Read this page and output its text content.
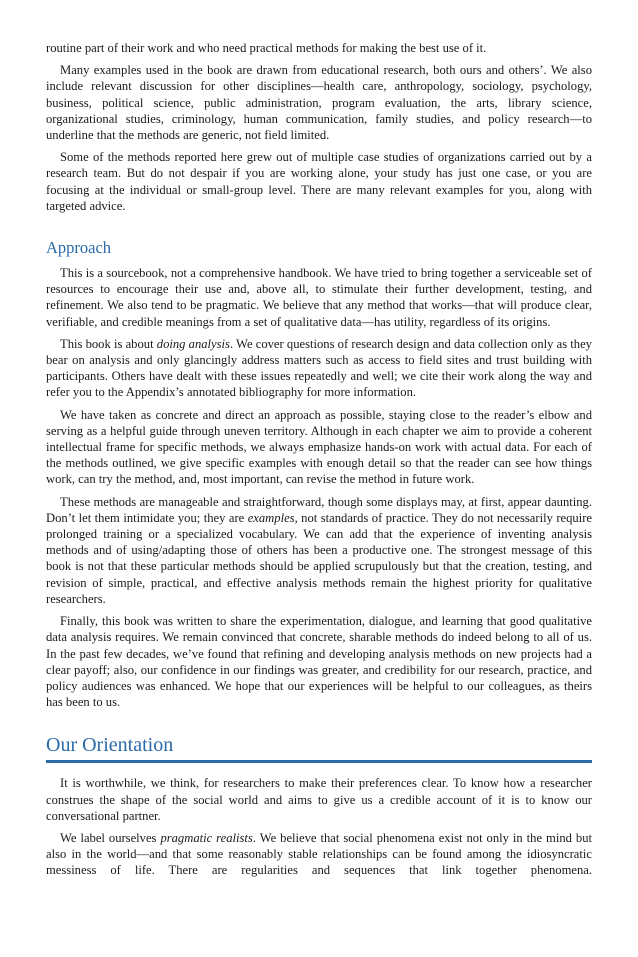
routine part of their work and who need practical methods for making the best use of it.

Many examples used in the book are drawn from educational research, both ours and others’. We also include relevant discussion for other disciplines—health care, anthropology, sociology, psychology, business, political science, public administration, program evaluation, the arts, library science, organizational studies, criminology, human communication, family studies, and policy research—to underline that the methods are generic, not field limited.

Some of the methods reported here grew out of multiple case studies of organizations carried out by a research team. But do not despair if you are working alone, your study has just one case, or you are focusing at the individual or small-group level. There are many relevant examples for you, along with targeted advice.

Approach

This is a sourcebook, not a comprehensive handbook. We have tried to bring together a serviceable set of resources to encourage their use and, above all, to stimulate their further development, testing, and refinement. We also tend to be pragmatic. We believe that any method that works—that will produce clear, verifiable, and credible meanings from a set of qualitative data—has utility, regardless of its origins.

This book is about doing analysis. We cover questions of research design and data collection only as they bear on analysis and only glancingly address matters such as access to field sites and trust building with participants. Others have dealt with these issues repeatedly and well; we cite their work along the way and refer you to the Appendix’s annotated bibliography for more information.

We have taken as concrete and direct an approach as possible, staying close to the reader’s elbow and serving as a helpful guide through uneven territory. Although in each chapter we aim to provide a coherent intellectual frame for specific methods, we always emphasize hands-on work with actual data. For each of the methods outlined, we give specific examples with enough detail so that the reader can see how things work, can try the method, and, most important, can revise the method in future work.

These methods are manageable and straightforward, though some displays may, at first, appear daunting. Don’t let them intimidate you; they are examples, not standards of practice. They do not necessarily require prolonged training or a specialized vocabulary. We can add that the experience of inventing analysis methods and of using/adapting those of others has been a productive one. The strongest message of this book is not that these particular methods should be applied scrupulously but that the creation, testing, and revision of simple, practical, and effective analysis methods remain the highest priority for qualitative researchers.

Finally, this book was written to share the experimentation, dialogue, and learning that good qualitative data analysis requires. We remain convinced that concrete, sharable methods do indeed belong to all of us. In the past few decades, we’ve found that refining and developing analysis methods on new projects had a clear payoff; also, our confidence in our findings was greater, and credibility for our research, practice, and policy audiences was enhanced. We hope that our experiences will be helpful to our colleagues, as theirs has been to us.

Our Orientation

It is worthwhile, we think, for researchers to make their preferences clear. To know how a researcher construes the shape of the social world and aims to give us a credible account of it is to know our conversational partner.

We label ourselves pragmatic realists. We believe that social phenomena exist not only in the mind but also in the world—and that some reasonably stable relationships can be found among the idiosyncratic messiness of life. There are regularities and sequences that link together phenomena.
